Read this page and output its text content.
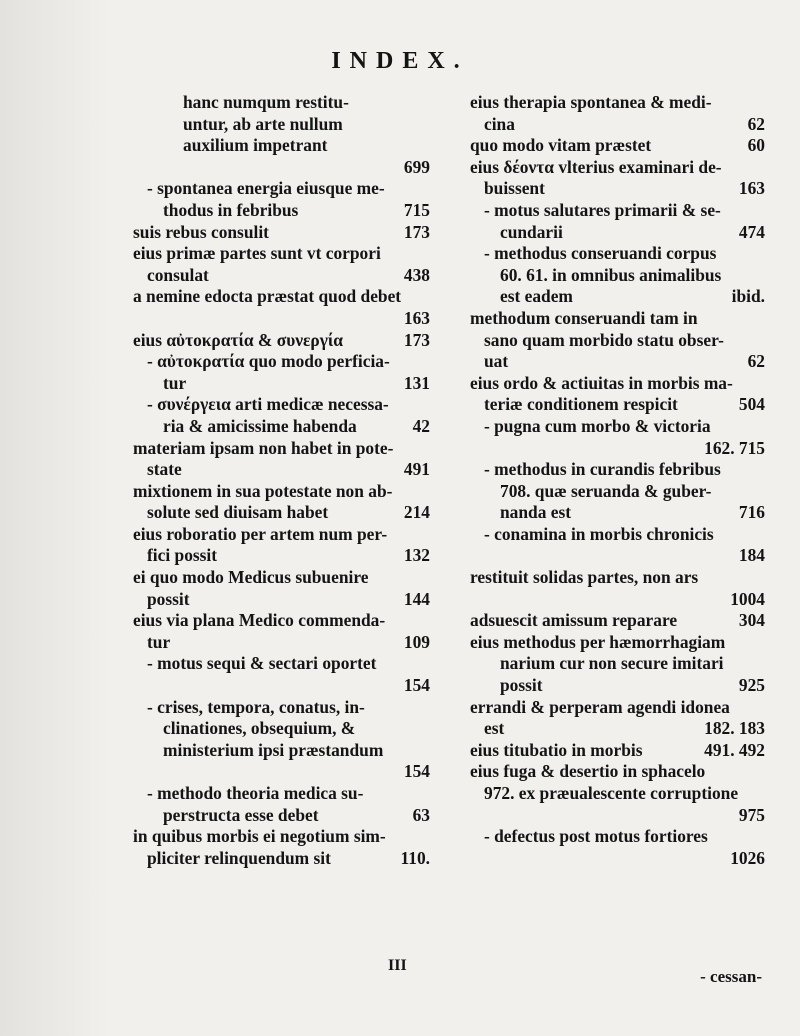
INDEX.
hanc numqum restitu-
untur, ab arte nullum
auxilium impetrant
699
- spontanea energia eiusque me-
thodus in febribus	715
suis rebus consulit	173
eius primæ partes sunt vt corpori
consulat	438
a nemine edocta præstat quod debet
163
eius αὐτοκρατία & συνεργία	173
- αὐτοκρατία quo modo perficia-
tur	131
- συνέργεια arti medicæ necessa-
ria & amicissime habenda	42
materiam ipsam non habet in pote-
state	491
mixtionem in sua potestate non ab-
solute sed diuisam habet	214
eius roboratio per artem num per-
fici possit	132
ei quo modo Medicus subuenire
possit	144
eius via plana Medico commenda-
tur	109
- motus sequi & sectari oportet
154
- crises, tempora, conatus, in-
clinationes, obsequium, &
ministerium ipsi præstandum
154
- methodo theoria medica su-
perstructa esse debet	63
in quibus morbis ei negotium sim-
pliciter relinquendum sit	110.
eius therapia spontanea & medi-
cina	62
quo modo vitam præstet	60
eius δέοντα vlterius examinari de-
buissent	163
- motus salutares primarii & se-
cundarii	474
- methodus conseruandi corpus
60. 61. in omnibus animalibus
est eadem	ibid.
methodum conseruandi tam in
sano quam morbido statu obser-
uat	62
eius ordo & actiuitas in morbis ma-
teriæ conditionem respicit	504
- pugna cum morbo & victoria
162. 715
- methodus in curandis febribus
708. quæ seruanda & guber-
nanda est	716
- conamina in morbis chronicis
184
restituit solidas partes, non ars
1004
adsuescit amissum reparare	304
eius methodus per hæmorrhagiam
narium cur non secure imitari
possit	925
errandi & perperam agendi idonea
est	182. 183
eius titubatio in morbis	491. 492
eius fuga & desertio in sphacelo
972. ex præualescente corruptione
975
- defectus post motus fortiores
1026
III
- cessan-
